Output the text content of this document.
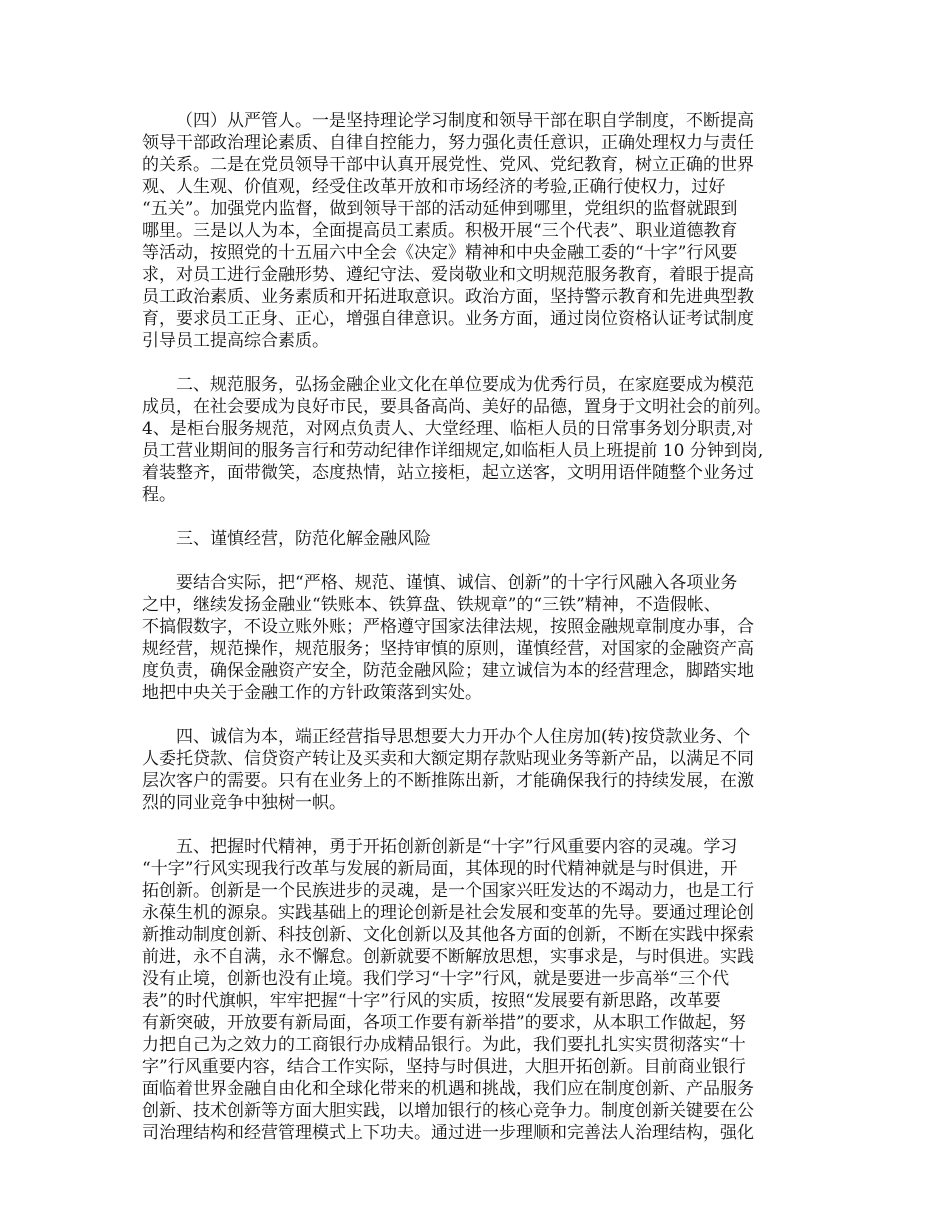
（四）从严管人。一是坚持理论学习制度和领导干部在职自学制度，不断提高
领导干部政治理论素质、自律自控能力，努力强化责任意识，正确处理权力与责任
的关系。二是在党员领导干部中认真开展党性、党风、党纪教育，树立正确的世界
观、人生观、价值观，经受住改革开放和市场经济的考验,正确行使权力，过好
“五关”。加强党内监督，做到领导干部的活动延伸到哪里，党组织的监督就跟到
哪里。三是以人为本，全面提高员工素质。积极开展“三个代表”、职业道德教育
等活动，按照党的十五届六中全会《决定》精神和中央金融工委的“十字”行风要
求，对员工进行金融形势、遵纪守法、爱岗敬业和文明规范服务教育，着眼于提高
员工政治素质、业务素质和开拓进取意识。政治方面，坚持警示教育和先进典型教
育，要求员工正身、正心，增强自律意识。业务方面，通过岗位资格认证考试制度
引导员工提高综合素质。
二、规范服务，弘扬金融企业文化在单位要成为优秀行员，在家庭要成为模范
成员，在社会要成为良好市民，要具备高尚、美好的品德，置身于文明社会的前列。
4、是柜台服务规范，对网点负责人、大堂经理、临柜人员的日常事务划分职责,对
员工营业期间的服务言行和劳动纪律作详细规定,如临柜人员上班提前 10 分钟到岗,
着装整齐，面带微笑，态度热情，站立接柜，起立送客，文明用语伴随整个业务过
程。
三、谨慎经营，防范化解金融风险
要结合实际，把“严格、规范、谨慎、诚信、创新”的十字行风融入各项业务
之中，继续发扬金融业“铁账本、铁算盘、铁规章”的“三铁”精神，不造假帐、
不搞假数字，不设立账外账；严格遵守国家法律法规，按照金融规章制度办事，合
规经营，规范操作，规范服务；坚持审慎的原则，谨慎经营，对国家的金融资产高
度负责，确保金融资产安全，防范金融风险；建立诚信为本的经营理念，脚踏实地
地把中央关于金融工作的方针政策落到实处。
四、诚信为本，端正经营指导思想要大力开办个人住房加(转)按贷款业务、个
人委托贷款、信贷资产转让及买卖和大额定期存款贴现业务等新产品，以满足不同
层次客户的需要。只有在业务上的不断推陈出新，才能确保我行的持续发展，在激
烈的同业竞争中独树一帜。
五、把握时代精神，勇于开拓创新创新是“十字”行风重要内容的灵魂。学习
“十字”行风实现我行改革与发展的新局面，其体现的时代精神就是与时俱进，开
拓创新。创新是一个民族进步的灵魂，是一个国家兴旺发达的不竭动力，也是工行
永葆生机的源泉。实践基础上的理论创新是社会发展和变革的先导。要通过理论创
新推动制度创新、科技创新、文化创新以及其他各方面的创新，不断在实践中探索
前进，永不自满，永不懈怠。创新就要不断解放思想，实事求是，与时俱进。实践
没有止境，创新也没有止境。我们学习“十字”行风，就是要进一步高举“三个代
表”的时代旗帜，牢牢把握“十字”行风的实质，按照“发展要有新思路，改革要
有新突破，开放要有新局面，各项工作要有新举措”的要求，从本职工作做起，努
力把自己为之效力的工商银行办成精品银行。为此，我们要扎扎实实贯彻落实“十
字”行风重要内容，结合工作实际，坚持与时俱进，大胆开拓创新。目前商业银行
面临着世界金融自由化和全球化带来的机遇和挑战，我们应在制度创新、产品服务
创新、技术创新等方面大胆实践，以增加银行的核心竞争力。制度创新关键要在公
司治理结构和经营管理模式上下功夫。通过进一步理顺和完善法人治理结构，强化
